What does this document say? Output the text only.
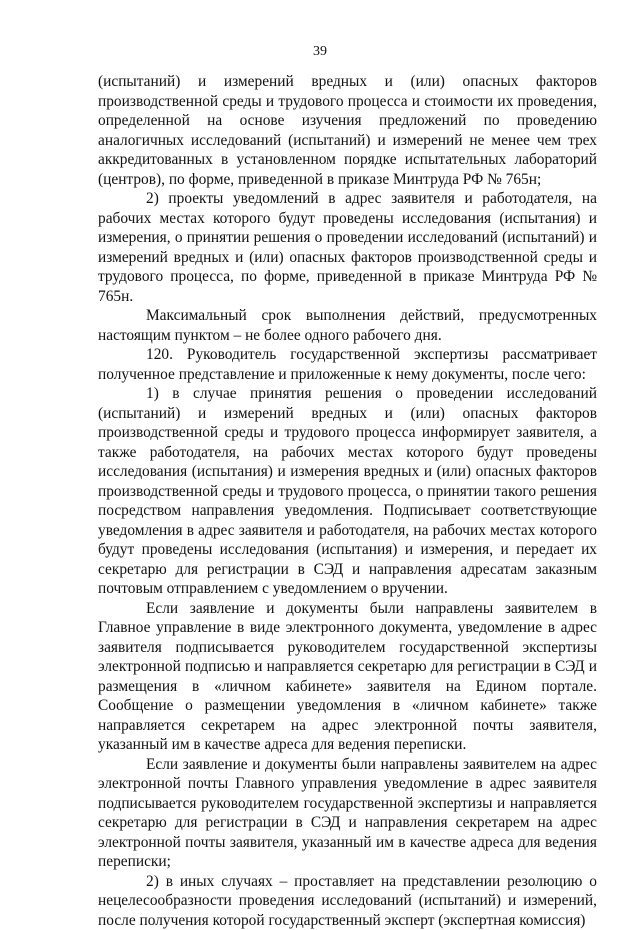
39

(испытаний) и измерений вредных и (или) опасных факторов производственной среды и трудового процесса и стоимости их проведения, определенной на основе изучения предложений по проведению аналогичных исследований (испытаний) и измерений не менее чем трех аккредитованных в установленном порядке испытательных лабораторий (центров), по форме, приведенной в приказе Минтруда РФ № 765н;

2) проекты уведомлений в адрес заявителя и работодателя, на рабочих местах которого будут проведены исследования (испытания) и измерения, о принятии решения о проведении исследований (испытаний) и измерений вредных и (или) опасных факторов производственной среды и трудового процесса, по форме, приведенной в приказе Минтруда РФ № 765н.

Максимальный срок выполнения действий, предусмотренных настоящим пунктом – не более одного рабочего дня.

120. Руководитель государственной экспертизы рассматривает полученное представление и приложенные к нему документы, после чего:

1) в случае принятия решения о проведении исследований (испытаний) и измерений вредных и (или) опасных факторов производственной среды и трудового процесса информирует заявителя, а также работодателя, на рабочих местах которого будут проведены исследования (испытания) и измерения вредных и (или) опасных факторов производственной среды и трудового процесса, о принятии такого решения посредством направления уведомления. Подписывает соответствующие уведомления в адрес заявителя и работодателя, на рабочих местах которого будут проведены исследования (испытания) и измерения, и передает их секретарю для регистрации в СЭД и направления адресатам заказным почтовым отправлением с уведомлением о вручении.

Если заявление и документы были направлены заявителем в Главное управление в виде электронного документа, уведомление в адрес заявителя подписывается руководителем государственной экспертизы электронной подписью и направляется секретарю для регистрации в СЭД и размещения в «личном кабинете» заявителя на Едином портале. Сообщение о размещении уведомления в «личном кабинете» также направляется секретарем на адрес электронной почты заявителя, указанный им в качестве адреса для ведения переписки.

Если заявление и документы были направлены заявителем на адрес электронной почты Главного управления уведомление в адрес заявителя подписывается руководителем государственной экспертизы и направляется секретарю для регистрации в СЭД и направления секретарем на адрес электронной почты заявителя, указанный им в качестве адреса для ведения переписки;

2) в иных случаях – проставляет на представлении резолюцию о нецелесообразности проведения исследований (испытаний) и измерений, после получения которой государственный эксперт (экспертная комиссия)
